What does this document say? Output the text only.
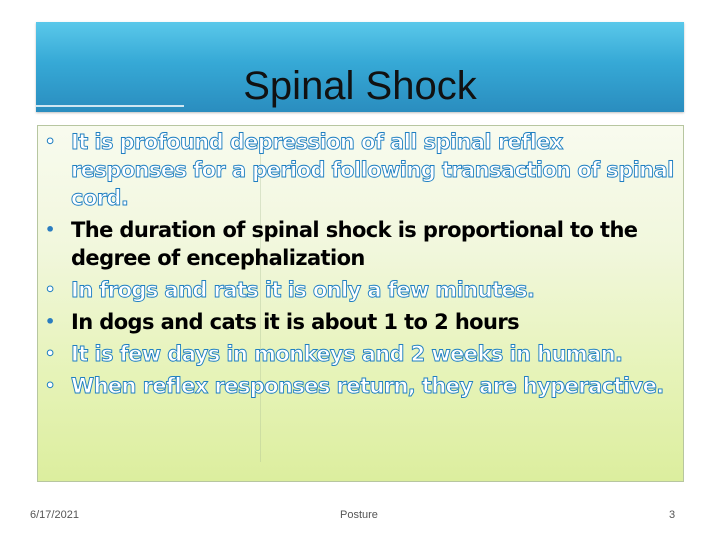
Spinal Shock
• It is profound depression of all spinal reflex responses for a period following transaction of spinal cord.
• The duration of spinal shock is proportional to the degree of encephalization
• In frogs and rats it is only a few minutes.
• In dogs and cats it is about 1 to 2 hours
• It is few days in monkeys and 2 weeks in human.
• When reflex responses return, they are hyperactive.
6/17/2021	Posture	3
